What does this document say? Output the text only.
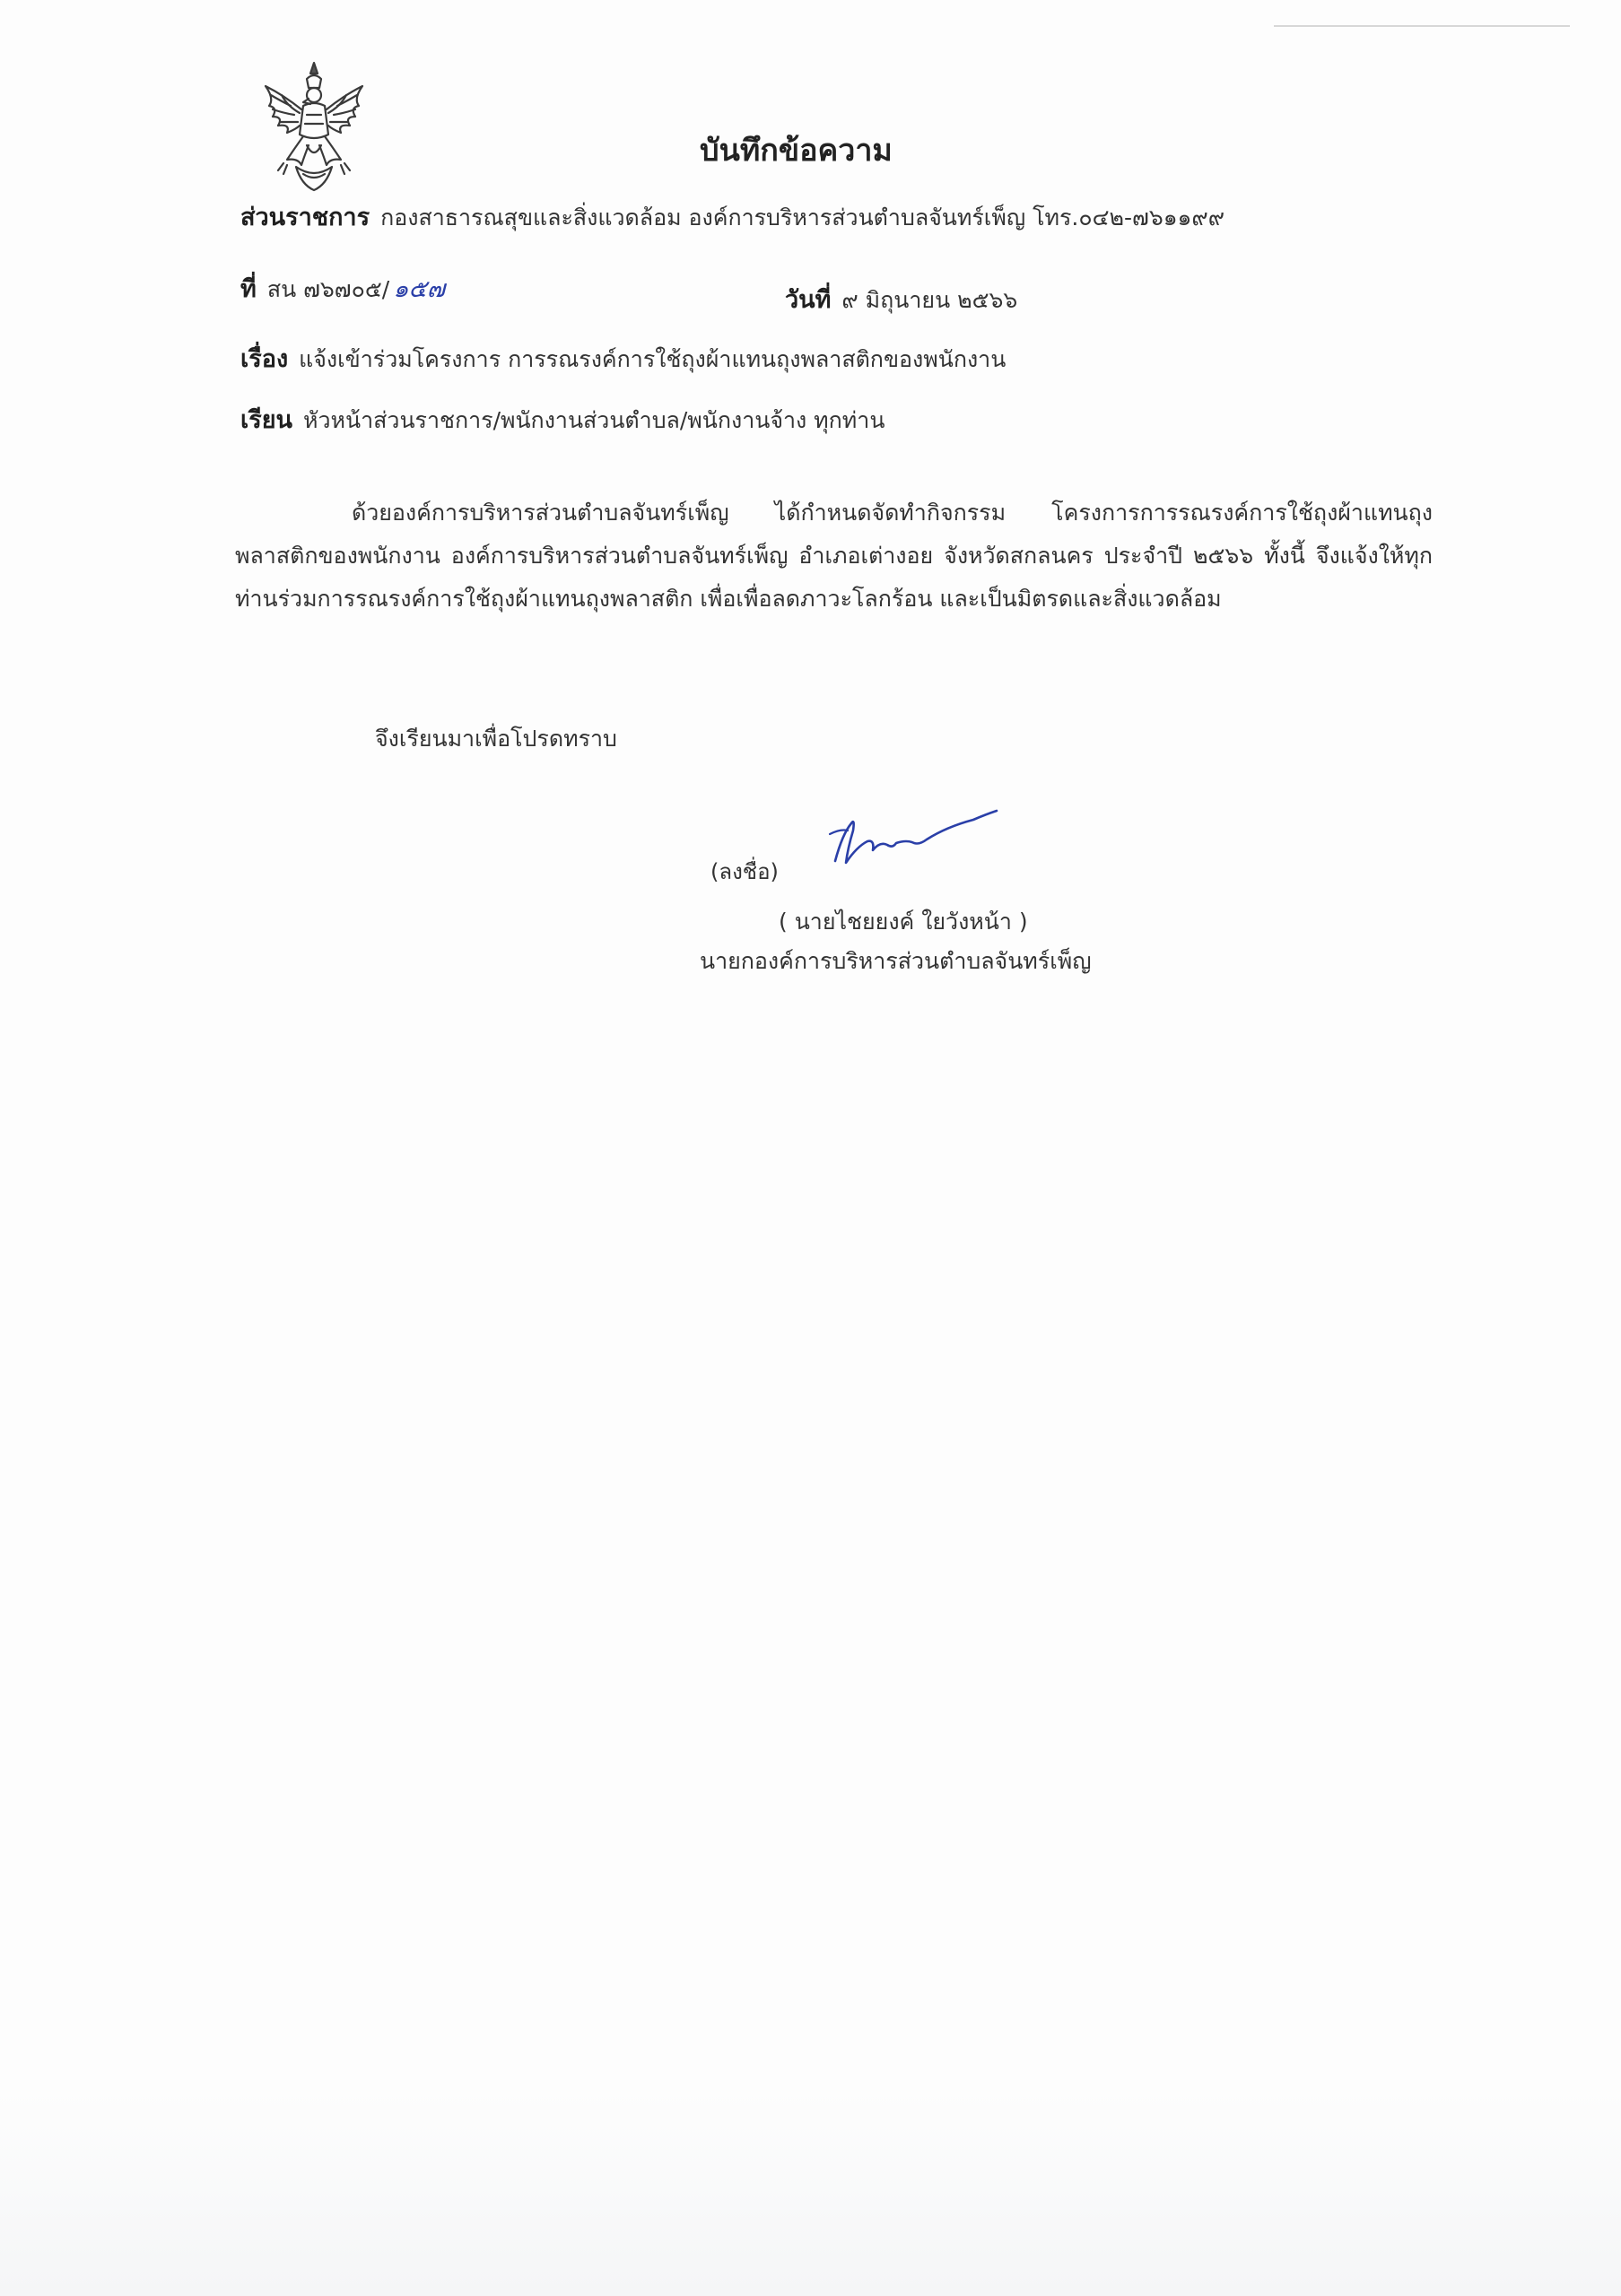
บันทึกข้อความ
ส่วนราชการ กองสาธารณสุขและสิ่งแวดล้อม องค์การบริหารส่วนตำบลจันทร์เพ็ญ โทร.๐๔๒-๗๖๑๑๙๙
ที่ สน ๗๖๗๐๕/ ๑๕๗	วันที่ ๙ มิถุนายน ๒๕๖๖
เรื่อง แจ้งเข้าร่วมโครงการ การรณรงค์การใช้ถุงผ้าแทนถุงพลาสติกของพนักงาน
เรียน หัวหน้าส่วนราชการ/พนักงานส่วนตำบล/พนักงานจ้าง ทุกท่าน
ด้วยองค์การบริหารส่วนตำบลจันทร์เพ็ญ ได้กำหนดจัดทำกิจกรรม โครงการการรณรงค์การใช้ถุงผ้าแทนถุงพลาสติกของพนักงาน องค์การบริหารส่วนตำบลจันทร์เพ็ญ อำเภอเต่างอย จังหวัดสกลนคร ประจำปี ๒๕๖๖ ทั้งนี้ จึงแจ้งให้ทุกท่านร่วมการรณรงค์การใช้ถุงผ้าแทนถุงพลาสติก เพื่อเพื่อลดภาวะโลกร้อน และเป็นมิตรดและสิ่งแวดล้อม
จึงเรียนมาเพื่อโปรดทราบ
(ลงชื่อ)
( นายไชยยงค์ ใยวังหน้า )
นายกองค์การบริหารส่วนตำบลจันทร์เพ็ญ
